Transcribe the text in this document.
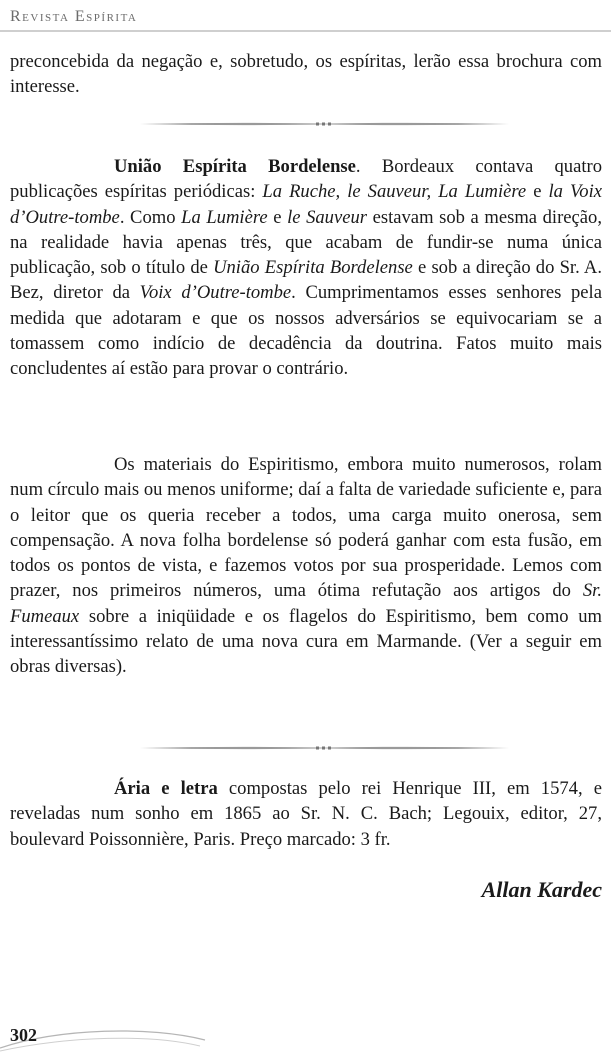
Revista Espírita

preconcebida da negação e, sobretudo, os espíritas, lerão essa brochura com interesse.

União Espírita Bordelense. Bordeaux contava quatro publicações espíritas periódicas: La Ruche, le Sauveur, La Lumière e la Voix d’Outre-tombe. Como La Lumière e le Sauveur estavam sob a mesma direção, na realidade havia apenas três, que acabam de fundir-se numa única publicação, sob o título de União Espírita Bordelense e sob a direção do Sr. A. Bez, diretor da Voix d’Outre-tombe. Cumprimentamos esses senhores pela medida que adotaram e que os nossos adversários se equivocariam se a tomassem como indício de decadência da doutrina. Fatos muito mais concludentes aí estão para provar o contrário.

Os materiais do Espiritismo, embora muito numerosos, rolam num círculo mais ou menos uniforme; daí a falta de variedade suficiente e, para o leitor que os queria receber a todos, uma carga muito onerosa, sem compensação. A nova folha bordelense só poderá ganhar com esta fusão, em todos os pontos de vista, e fazemos votos por sua prosperidade. Lemos com prazer, nos primeiros números, uma ótima refutação aos artigos do Sr. Fumeaux sobre a iniqüidade e os flagelos do Espiritismo, bem como um interessantíssimo relato de uma nova cura em Marmande. (Ver a seguir em obras diversas).

Ária e letra compostas pelo rei Henrique III, em 1574, e reveladas num sonho em 1865 ao Sr. N. C. Bach; Legouix, editor, 27, boulevard Poissonnière, Paris. Preço marcado: 3 fr.

Allan Kardec
302
